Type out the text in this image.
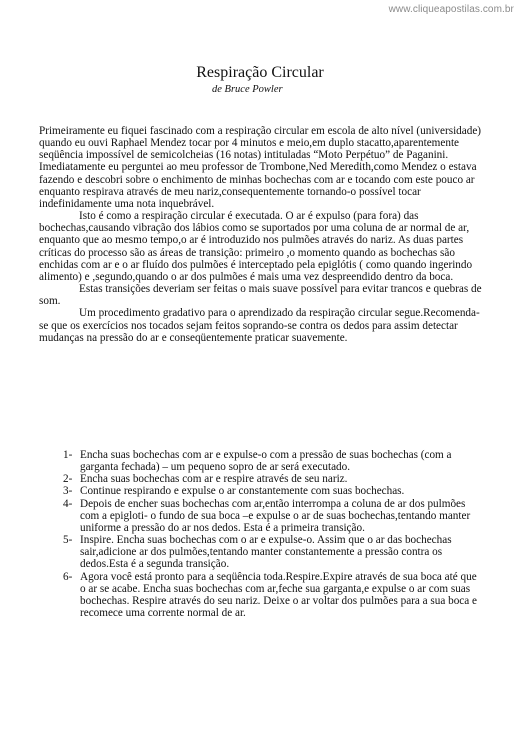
www.cliqueapostilas.com.br
Respiração Circular
de Bruce Powler

Primeiramente eu fiquei fascinado com a respiração circular em escola de alto nível (universidade) quando eu ouvi Raphael Mendez tocar por 4 minutos e meio,em duplo stacatto,aparentemente seqüência impossível de semicolcheias (16 notas) intituladas “Moto Perpétuo” de Paganini. Imediatamente eu perguntei ao meu professor de Trombone,Ned Meredith,como Mendez o estava fazendo e descobri sobre o enchimento de minhas bochechas com ar e tocando com este pouco ar enquanto respirava através de meu nariz,consequentemente tornando-o possível tocar indefinidamente uma nota inquebrável.

Isto é como a respiração circular é executada. O ar é expulso (para fora) das bochechas,causando vibração dos lábios como se suportados por uma coluna de ar normal de ar, enquanto que ao mesmo tempo,o ar é introduzido nos pulmões através do nariz. As duas partes críticas do processo são as áreas de transição: primeiro ,o momento quando as bochechas são enchidas com ar e o ar fluído dos pulmões é interceptado pela epiglótis ( como quando ingerindo alimento) e ,segundo,quando o ar dos pulmões é mais uma vez despreendido dentro da boca.

Estas transições deveriam ser feitas o mais suave possível para evitar trancos e quebras de som.

Um procedimento gradativo para o aprendizado da respiração circular segue.Recomenda-se que os exercícios nos tocados sejam feitos soprando-se contra os dedos para assim detectar mudanças na pressão do ar e conseqüentemente praticar suavemente.

1- Encha suas bochechas com ar e expulse-o com a pressão de suas bochechas (com a garganta fechada) – um pequeno sopro de ar será executado.
2- Encha suas bochechas com ar e respire através de seu nariz.
3- Continue respirando e expulse o ar constantemente com suas bochechas.
4- Depois de encher suas bochechas com ar,então interrompa a coluna de ar dos pulmões com a epigloti- o fundo de sua boca –e expulse o ar de suas bochechas,tentando manter uniforme a pressão do ar nos dedos. Esta é a primeira transição.
5- Inspire. Encha suas bochechas com o ar e expulse-o. Assim que o ar das bochechas sair,adicione ar dos pulmões,tentando manter constantemente a pressão contra os dedos.Esta é a segunda transição.
6- Agora você está pronto para a seqüência toda.Respire.Expire através de sua boca até que o ar se acabe. Encha suas bochechas com ar,feche sua garganta,e expulse o ar com suas bochechas. Respire através do seu nariz. Deixe o ar voltar dos pulmões para a sua boca e recomece uma corrente normal de ar.
